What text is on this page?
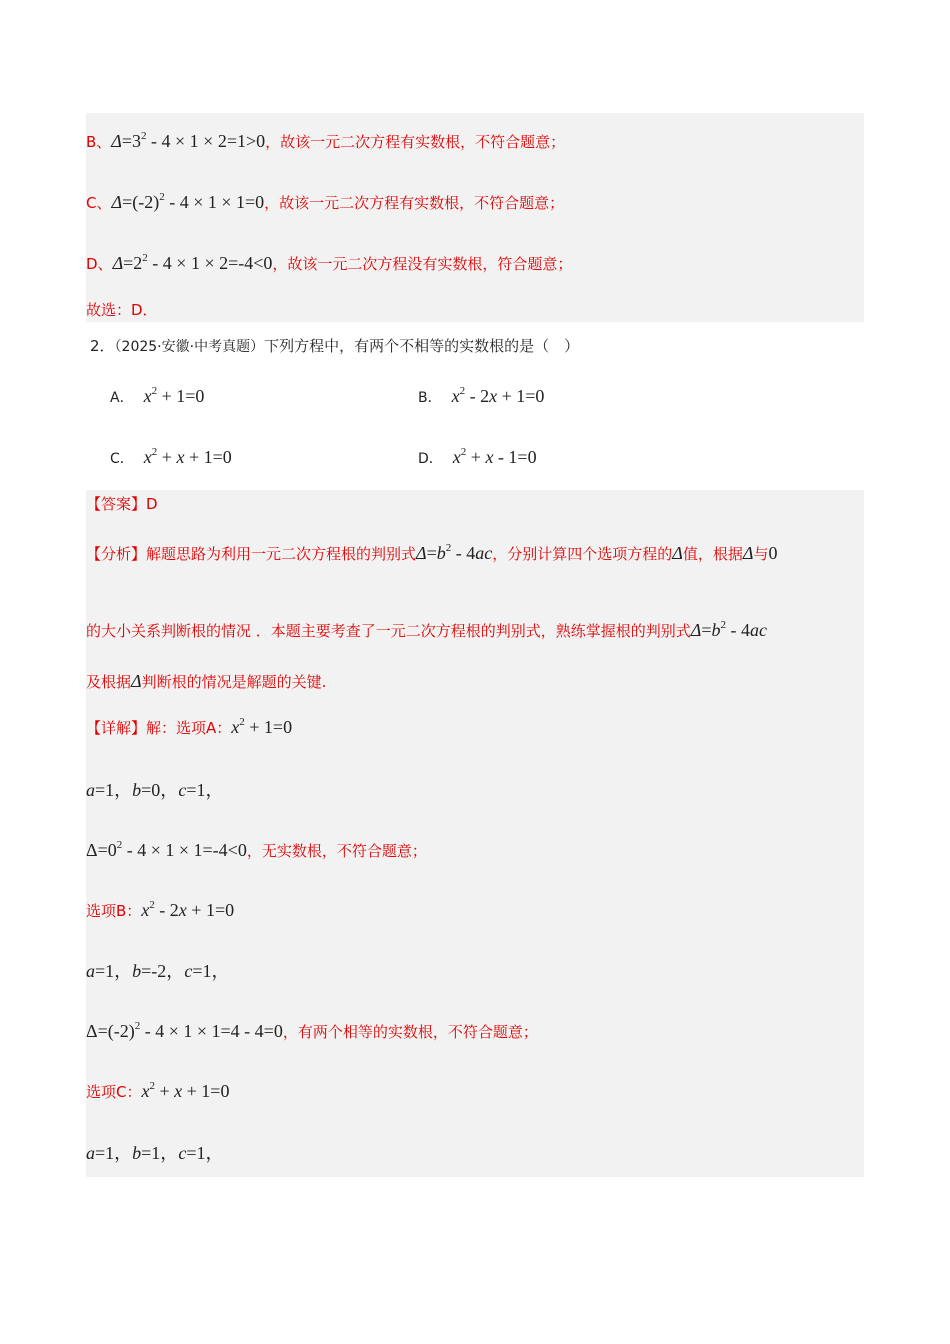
B、$\Delta=3^2 - 4 \times 1 \times 2=1>0$，故该一元二次方程有实数根，不符合题意；
C、$\Delta=(-2)^2 - 4 \times 1 \times 1=0$，故该一元二次方程有实数根，不符合题意；
D、$\Delta=2^2 - 4 \times 1 \times 2=-4<0$，故该一元二次方程没有实数根，符合题意；
故选：D．
2．（2025·安徽·中考真题）下列方程中，有两个不相等的实数根的是（　）
A． $x^2 + 1=0$	B． $x^2 - 2x + 1=0$
C． $x^2 + x + 1=0$	D． $x^2 + x - 1=0$
【答案】D
【分析】解题思路为利用一元二次方程根的判别式$\Delta=b^2 - 4ac$，分别计算四个选项方程的Δ值，根据Δ与0
的大小关系判断根的情况 ．本题主要考查了一元二次方程根的判别式，熟练掌握根的判别式$\Delta=b^2 - 4ac$
及根据Δ判断根的情况是解题的关键.
【详解】解：选项A：$x^2 + 1=0$
a=1，b=0，c=1，
$\Delta=0^2 - 4 \times 1 \times 1=-4<0$，无实数根，不符合题意；
选项B：$x^2 - 2x + 1=0$
a=1，b=-2，c=1，
$\Delta=(-2)^2 - 4 \times 1 \times 1=4 - 4=0$，有两个相等的实数根，不符合题意；
选项C：$x^2 + x + 1=0$
a=1，b=1，c=1，
